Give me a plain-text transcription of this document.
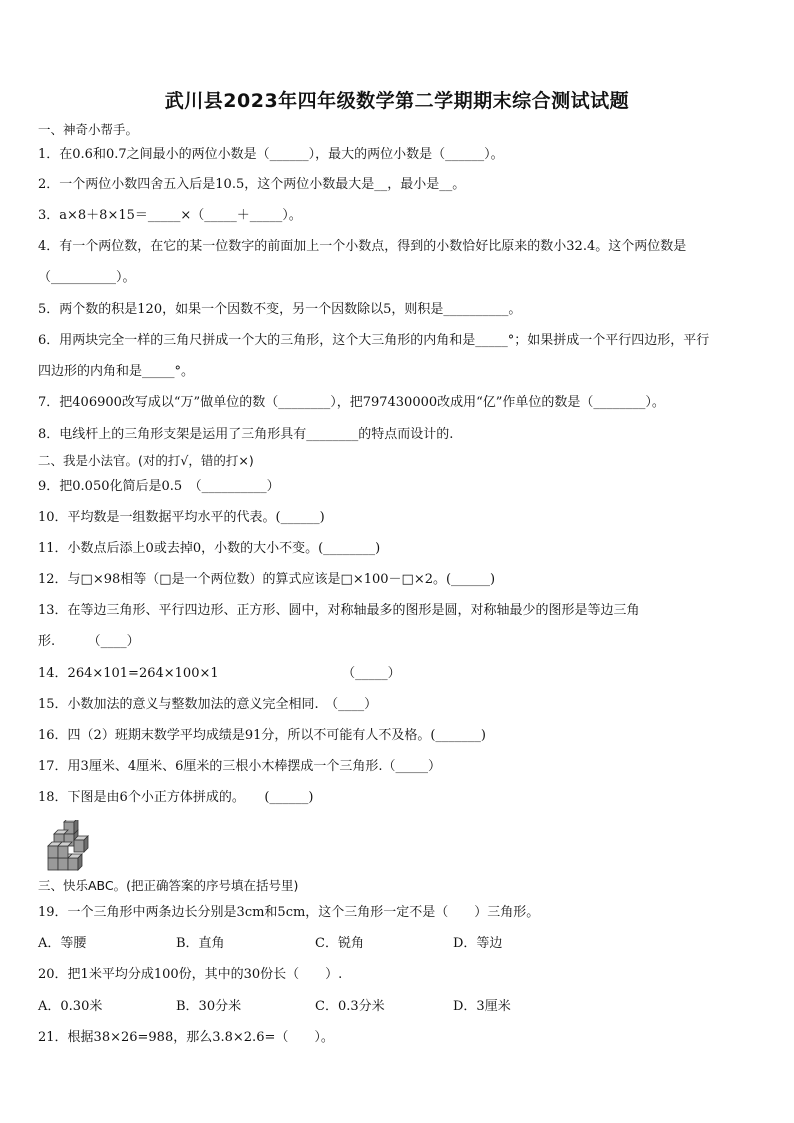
武川县2023年四年级数学第二学期期末综合测试试题
一、神奇小帮手。
1．在0.6和0.7之间最小的两位小数是（______），最大的两位小数是（______）。
2．一个两位小数四舍五入后是10.5，这个两位小数最大是__，最小是__。
3．a×8＋8×15＝_____×（_____＋_____）。
4．有一个两位数，在它的某一位数字的前面加上一个小数点，得到的小数恰好比原来的数小32.4。这个两位数是
（__________）。
5．两个数的积是120，如果一个因数不变，另一个因数除以5，则积是__________。
6．用两块完全一样的三角尺拼成一个大的三角形，这个大三角形的内角和是_____°；如果拼成一个平行四边形，平行
四边形的内角和是_____°。
7．把406900改写成以“万”做单位的数（________），把797430000改成用“亿”作单位的数是（________）。
8．电线杆上的三角形支架是运用了三角形具有________的特点而设计的.
二、我是小法官。(对的打√，错的打×)
9．把0.050化简后是0.5　（__________）
10．平均数是一组数据平均水平的代表。(______)
11．小数点后添上0或去掉0，小数的大小不变。(________)
12．与□×98相等（□是一个两位数）的算式应该是□×100－□×2。(______)
13．在等边三角形、平行四边形、正方形、圆中，对称轴最多的图形是圆，对称轴最少的图形是等边三角
形.　　　（____）
14．264×101=264×100×1　　　　　　　　　　（_____）
15．小数加法的意义与整数加法的意义完全相同.　（____）
16．四（2）班期末数学平均成绩是91分，所以不可能有人不及格。(_______)
17．用3厘米、4厘米、6厘米的三根小木棒摆成一个三角形.（_____）
18．下图是由6个小正方体拼成的。　　(______)
三、快乐ABC。(把正确答案的序号填在括号里)
19．一个三角形中两条边长分别是3cm和5cm，这个三角形一定不是（　　）三角形。
A．等腰	B．直角	C．锐角	D．等边
20．把1米平均分成100份，其中的30份长（　　）.
A．0.30米	B．30分米	C．0.3分米	D．3厘米
21．根据38×26=988，那么3.8×2.6=（　　）。
